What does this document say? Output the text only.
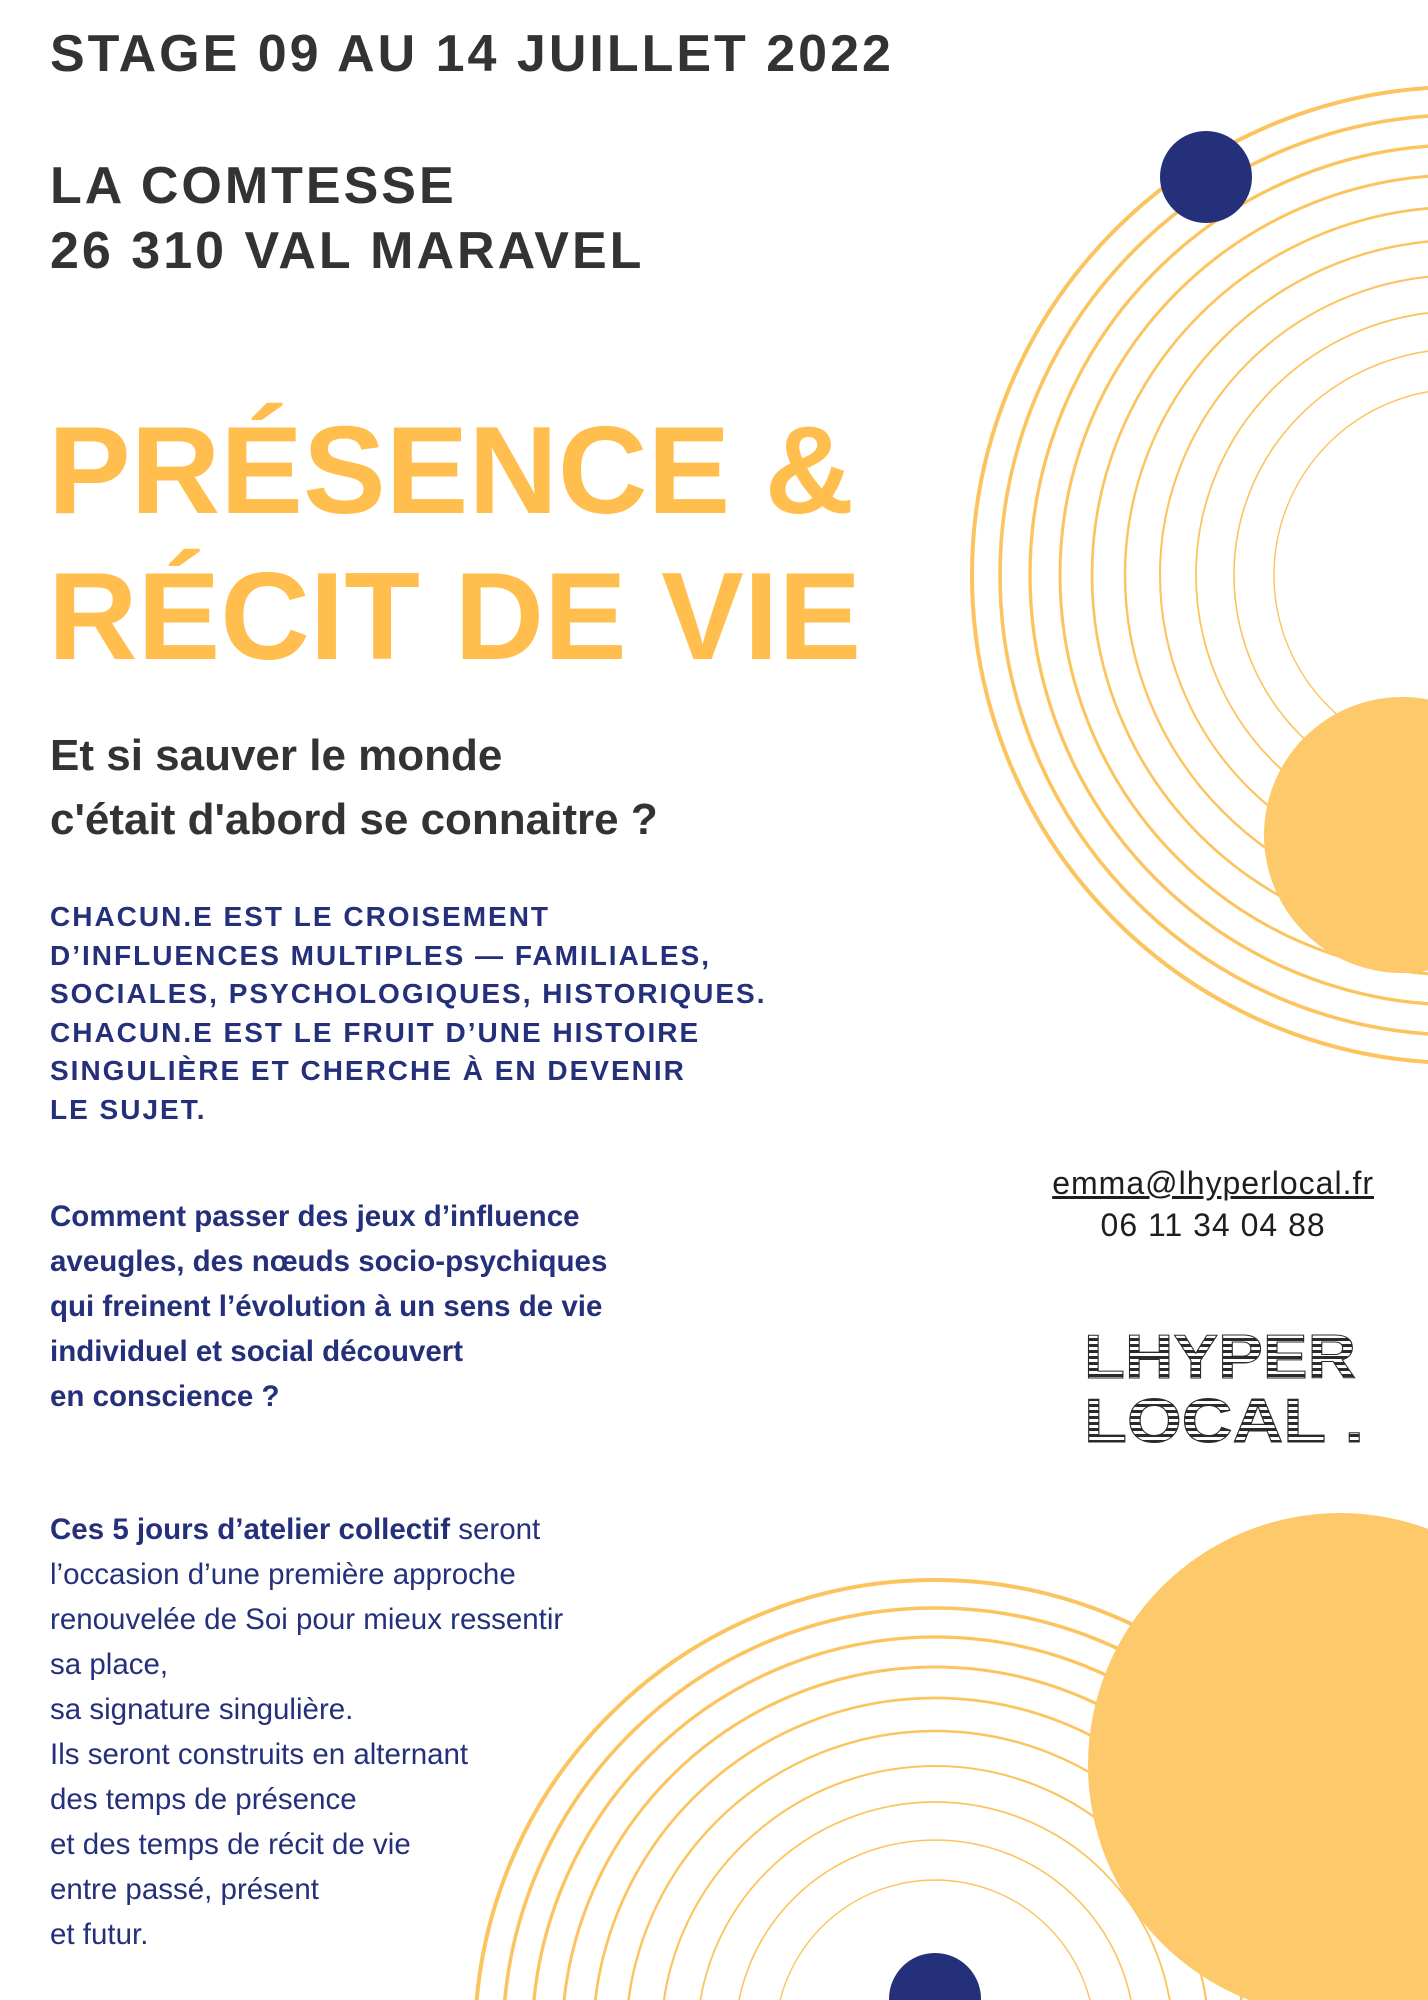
STAGE 09 AU 14 JUILLET 2022
LA COMTESSE
26 310 VAL MARAVEL
PRÉSENCE &
RÉCIT DE VIE
Et si sauver le monde
c'était d'abord se connaitre ?
CHACUN.E EST LE CROISEMENT
D’INFLUENCES MULTIPLES — FAMILIALES,
SOCIALES, PSYCHOLOGIQUES, HISTORIQUES.
CHACUN.E EST LE FRUIT D’UNE HISTOIRE
SINGULIÈRE ET CHERCHE À EN DEVENIR
LE SUJET.
Comment passer des jeux d’influence
aveugles, des nœuds socio-psychiques
qui freinent l’évolution à un sens de vie
individuel et social découvert
en conscience ?
Ces 5 jours d’atelier collectif seront
l’occasion d’une première approche
renouvelée de Soi pour mieux ressentir
sa place,
sa signature singulière.
Ils seront construits en alternant
des temps de présence
et des temps de récit de vie
entre passé, présent
et futur.
emma@lhyperlocal.fr
06 11 34 04 88
LHYPER
LOCAL .
